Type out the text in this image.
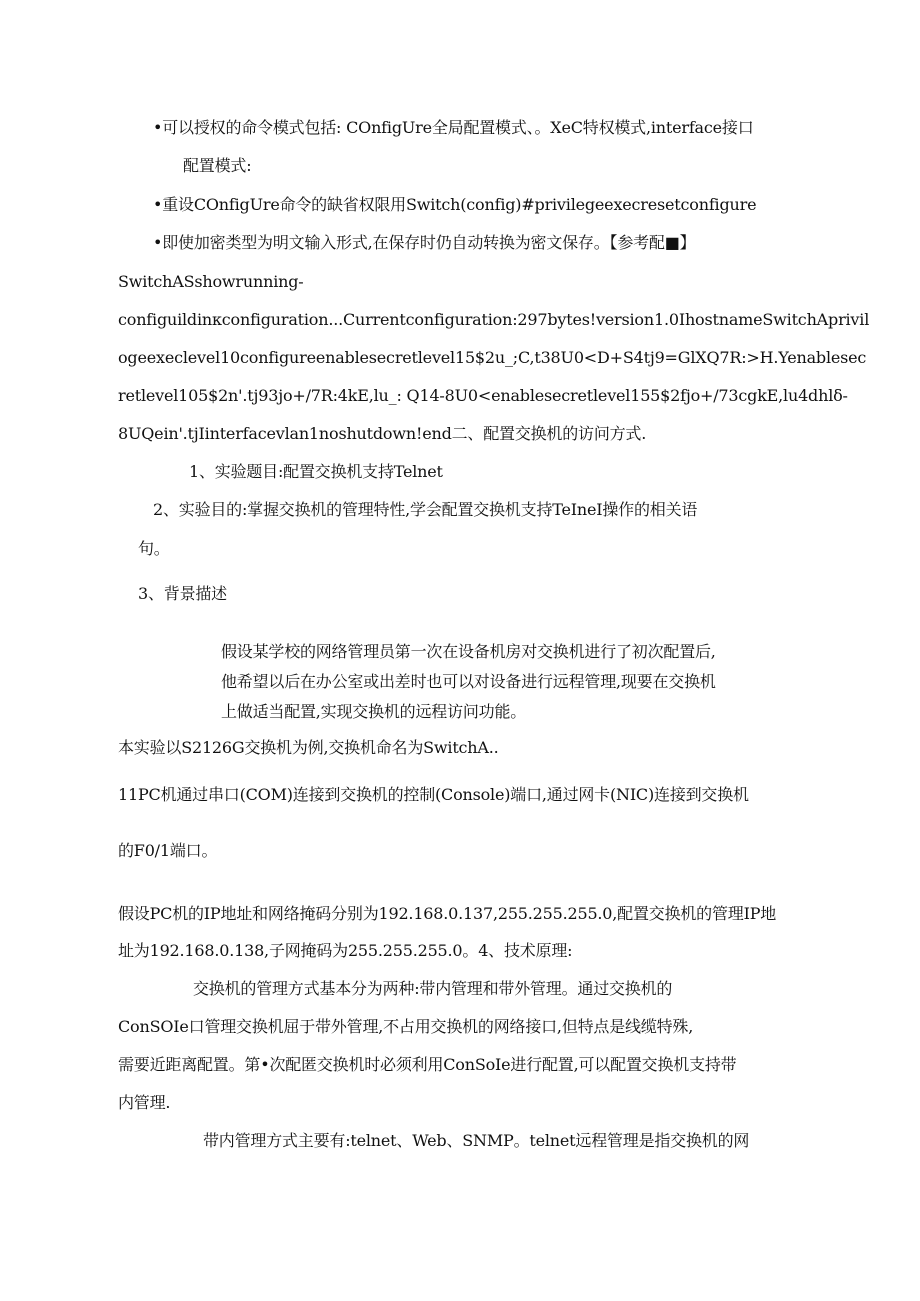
•可以授权的命令模式包括: COnfigUre全局配置模式、。XeC特权模式,interface接口
配置模式:
•重设COnfigUre命令的缺省权限用Switch(config)#privilegeexecresetconfigure
•即使加密类型为明文输入形式,在保存时仍自动转换为密文保存。【参考配■】
SwitchASshowrunning-
configuildinκconfiguration...Currentconfiguration:297bytes!version1.0IhostnameSwitchAprivil
ogeexeclevel10configureenablesecretlevel15$2u_;C,t38U0<D+S4tj9=GlXQ7R:>H.Yenablesec
retlevel105$2n'.tj93jo+/7R:4kE,lu_: Q14-8U0<enablesecretlevel155$2fjo+/73cgkE,lu4dhlδ-
8UQein'.tjIinterfacevlan1noshutdown!end二、配置交换机的访问方式.
1、实验题目:配置交换机支持Telnet
2、实验目的:掌握交换机的管理特性,学会配置交换机支持TeIneI操作的相关语
句。
3、背景描述
假设某学校的网络管理员第一次在设备机房对交换机进行了初次配置后,
他希望以后在办公室或出差时也可以对设备进行远程管理,现要在交换机
上做适当配置,实现交换机的远程访问功能。
本实验以S2126G交换机为例,交换机命名为SwitchA..
11PC机通过串口(COM)连接到交换机的控制(Console)端口,通过网卡(NIC)连接到交换机
的F0/1端口。
假设PC机的IP地址和网络掩码分别为192.168.0.137,255.255.255.0,配置交换机的管理IP地
址为192.168.0.138,子网掩码为255.255.255.0。4、技术原理:
交换机的管理方式基本分为两种:带内管理和带外管理。通过交换机的
ConSOIe口管理交换机屈于带外管理,不占用交换机的网络接口,但特点是线缆特殊,
需要近距离配置。第•次配匿交换机时必须利用ConSoIe进行配置,可以配置交换机支持带
内管理.
带内管理方式主要有:telnet、Web、SNMP。telnet远程管理是指交换机的网
